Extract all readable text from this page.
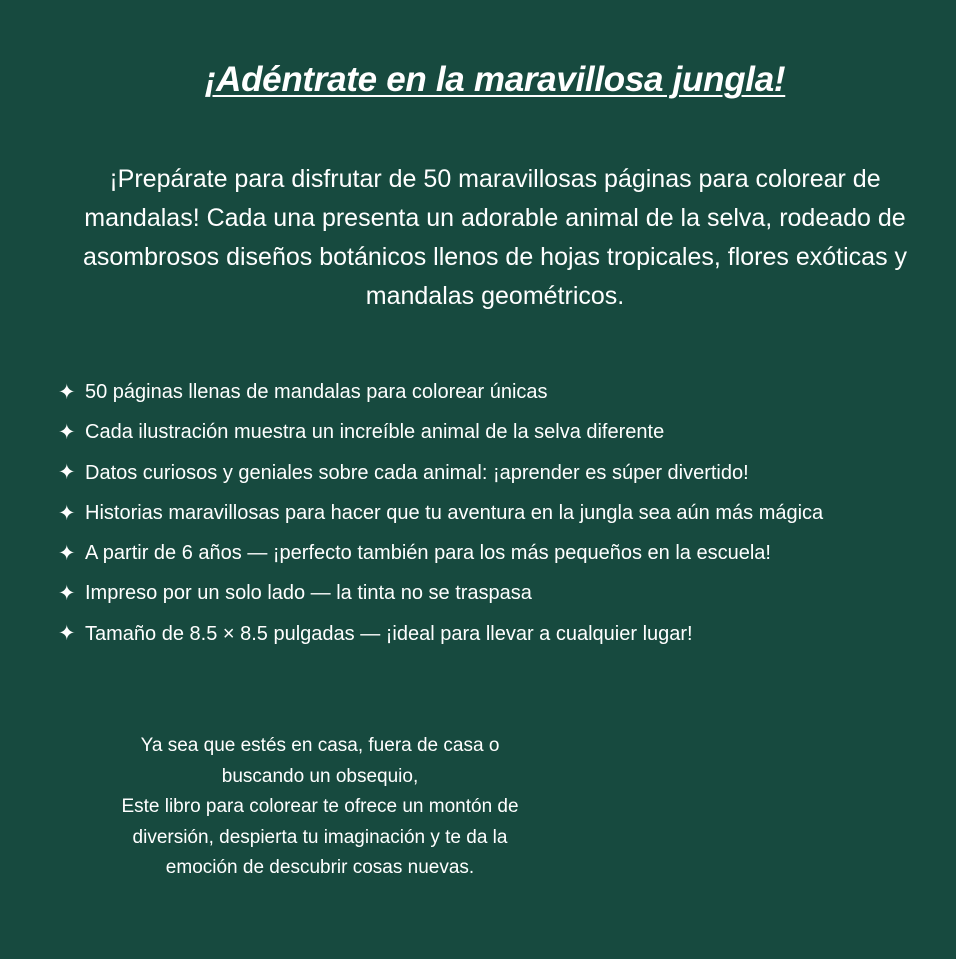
¡Adéntrate en la maravillosa jungla!

¡Prepárate para disfrutar de 50 maravillosas páginas para colorear de mandalas! Cada una presenta un adorable animal de la selva, rodeado de asombrosos diseños botánicos llenos de hojas tropicales, flores exóticas y mandalas geométricos.

✦ 50 páginas llenas de mandalas para colorear únicas
✦ Cada ilustración muestra un increíble animal de la selva diferente
✦ Datos curiosos y geniales sobre cada animal: ¡aprender es súper divertido!
✦ Historias maravillosas para hacer que tu aventura en la jungla sea aún más mágica
✦ A partir de 6 años — ¡perfecto también para los más pequeños en la escuela!
✦ Impreso por un solo lado — la tinta no se traspasa
✦ Tamaño de 8.5 × 8.5 pulgadas — ¡ideal para llevar a cualquier lugar!
Ya sea que estés en casa, fuera de casa o
buscando un obsequio,
Este libro para colorear te ofrece un montón de
diversión, despierta tu imaginación y te da la
emoción de descubrir cosas nuevas.
